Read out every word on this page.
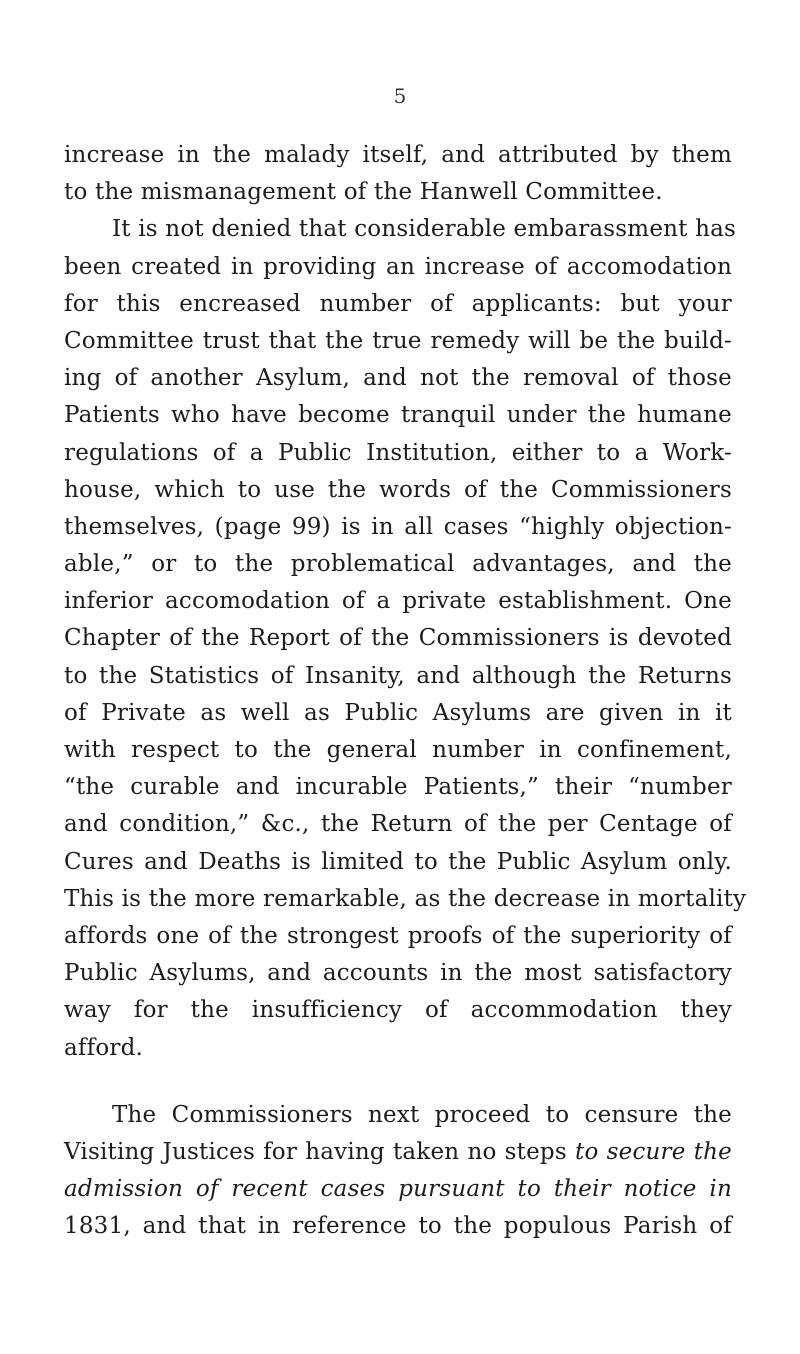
5
increase in the malady itself, and attributed by them
to the mismanagement of the Hanwell Committee.
It is not denied that considerable embarassment has
been created in providing an increase of accomodation
for this encreased number of applicants: but your
Committee trust that the true remedy will be the build-
ing of another Asylum, and not the removal of those
Patients who have become tranquil under the humane
regulations of a Public Institution, either to a Work-
house, which to use the words of the Commissioners
themselves, (page 99) is in all cases “highly objection-
able,” or to the problematical advantages, and the
inferior accomodation of a private establishment. One
Chapter of the Report of the Commissioners is devoted
to the Statistics of Insanity, and although the Returns
of Private as well as Public Asylums are given in it
with respect to the general number in confinement,
“the curable and incurable Patients,” their “number
and condition,” &c., the Return of the per Centage of
Cures and Deaths is limited to the Public Asylum only.
This is the more remarkable, as the decrease in mortality
affords one of the strongest proofs of the superiority of
Public Asylums, and accounts in the most satisfactory
way for the insufficiency of accommodation they
afford.
The Commissioners next proceed to censure the
Visiting Justices for having taken no steps to secure the
admission of recent cases pursuant to their notice in
1831, and that in reference to the populous Parish of
